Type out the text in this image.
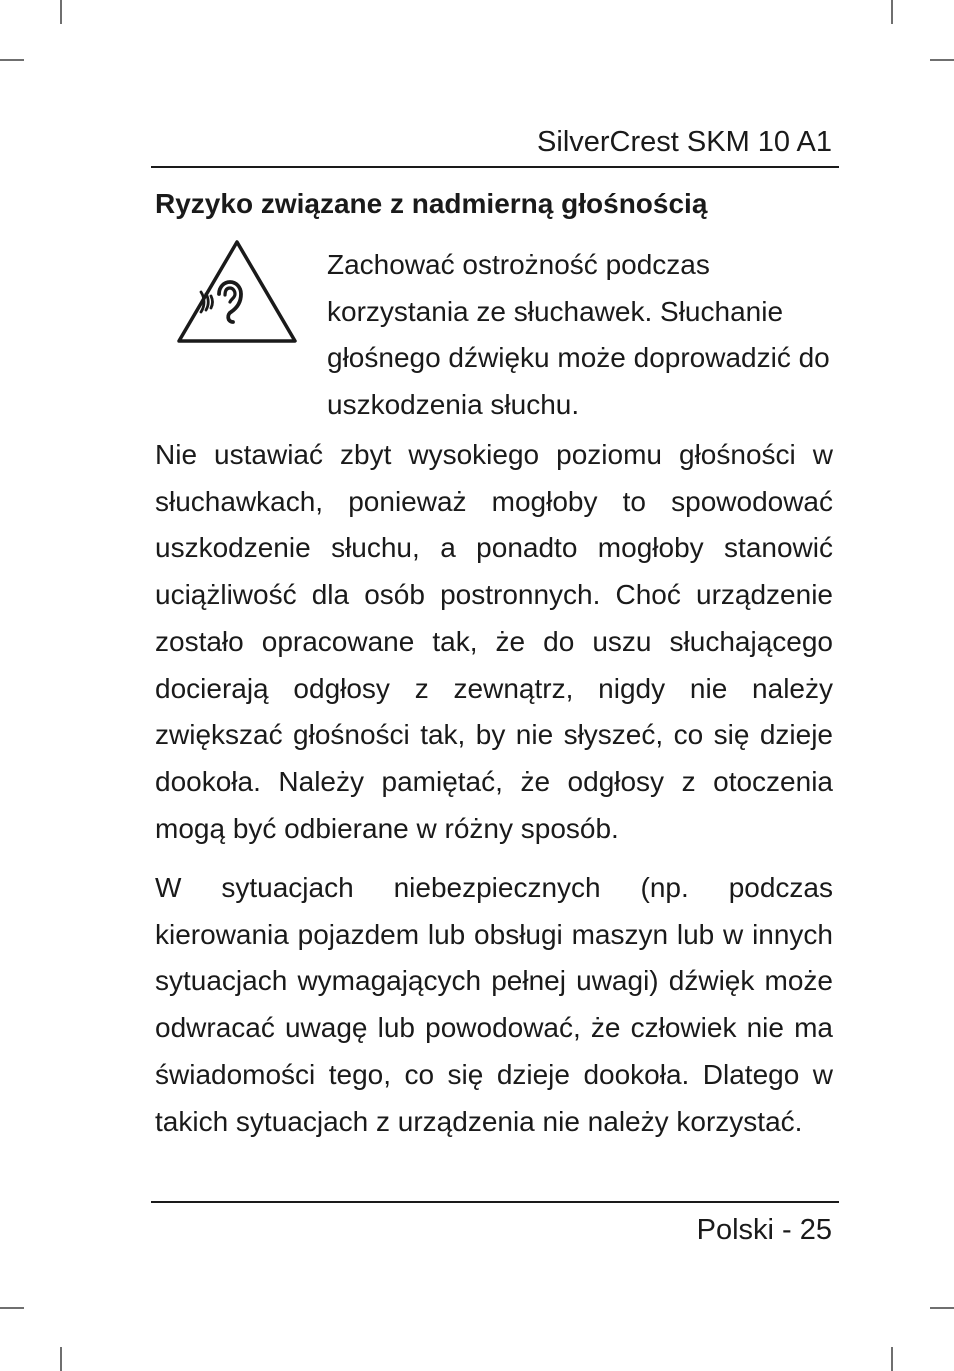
SilverCrest SKM 10 A1
Ryzyko związane z nadmierną głośnością
Zachować ostrożność podczas korzystania ze słuchawek. Słuchanie głośnego dźwięku może doprowadzić do uszkodzenia słuchu.

Nie ustawiać zbyt wysokiego poziomu głośności w słuchawkach, ponieważ mogłoby to spowodować uszkodzenie słuchu, a ponadto mogłoby stanowić uciążliwość dla osób postronnych. Choć urządzenie zostało opracowane tak, że do uszu słuchającego docierają odgłosy z zewnątrz, nigdy nie należy zwiększać głośności tak, by nie słyszeć, co się dzieje dookoła. Należy pamiętać, że odgłosy z otoczenia mogą być odbierane w różny sposób.

W sytuacjach niebezpiecznych (np. podczas kierowania pojazdem lub obsługi maszyn lub w innych sytuacjach wymagających pełnej uwagi) dźwięk może odwracać uwagę lub powodować, że człowiek nie ma świadomości tego, co się dzieje dookoła. Dlatego w takich sytuacjach z urządzenia nie należy korzystać.

Polski - 25
